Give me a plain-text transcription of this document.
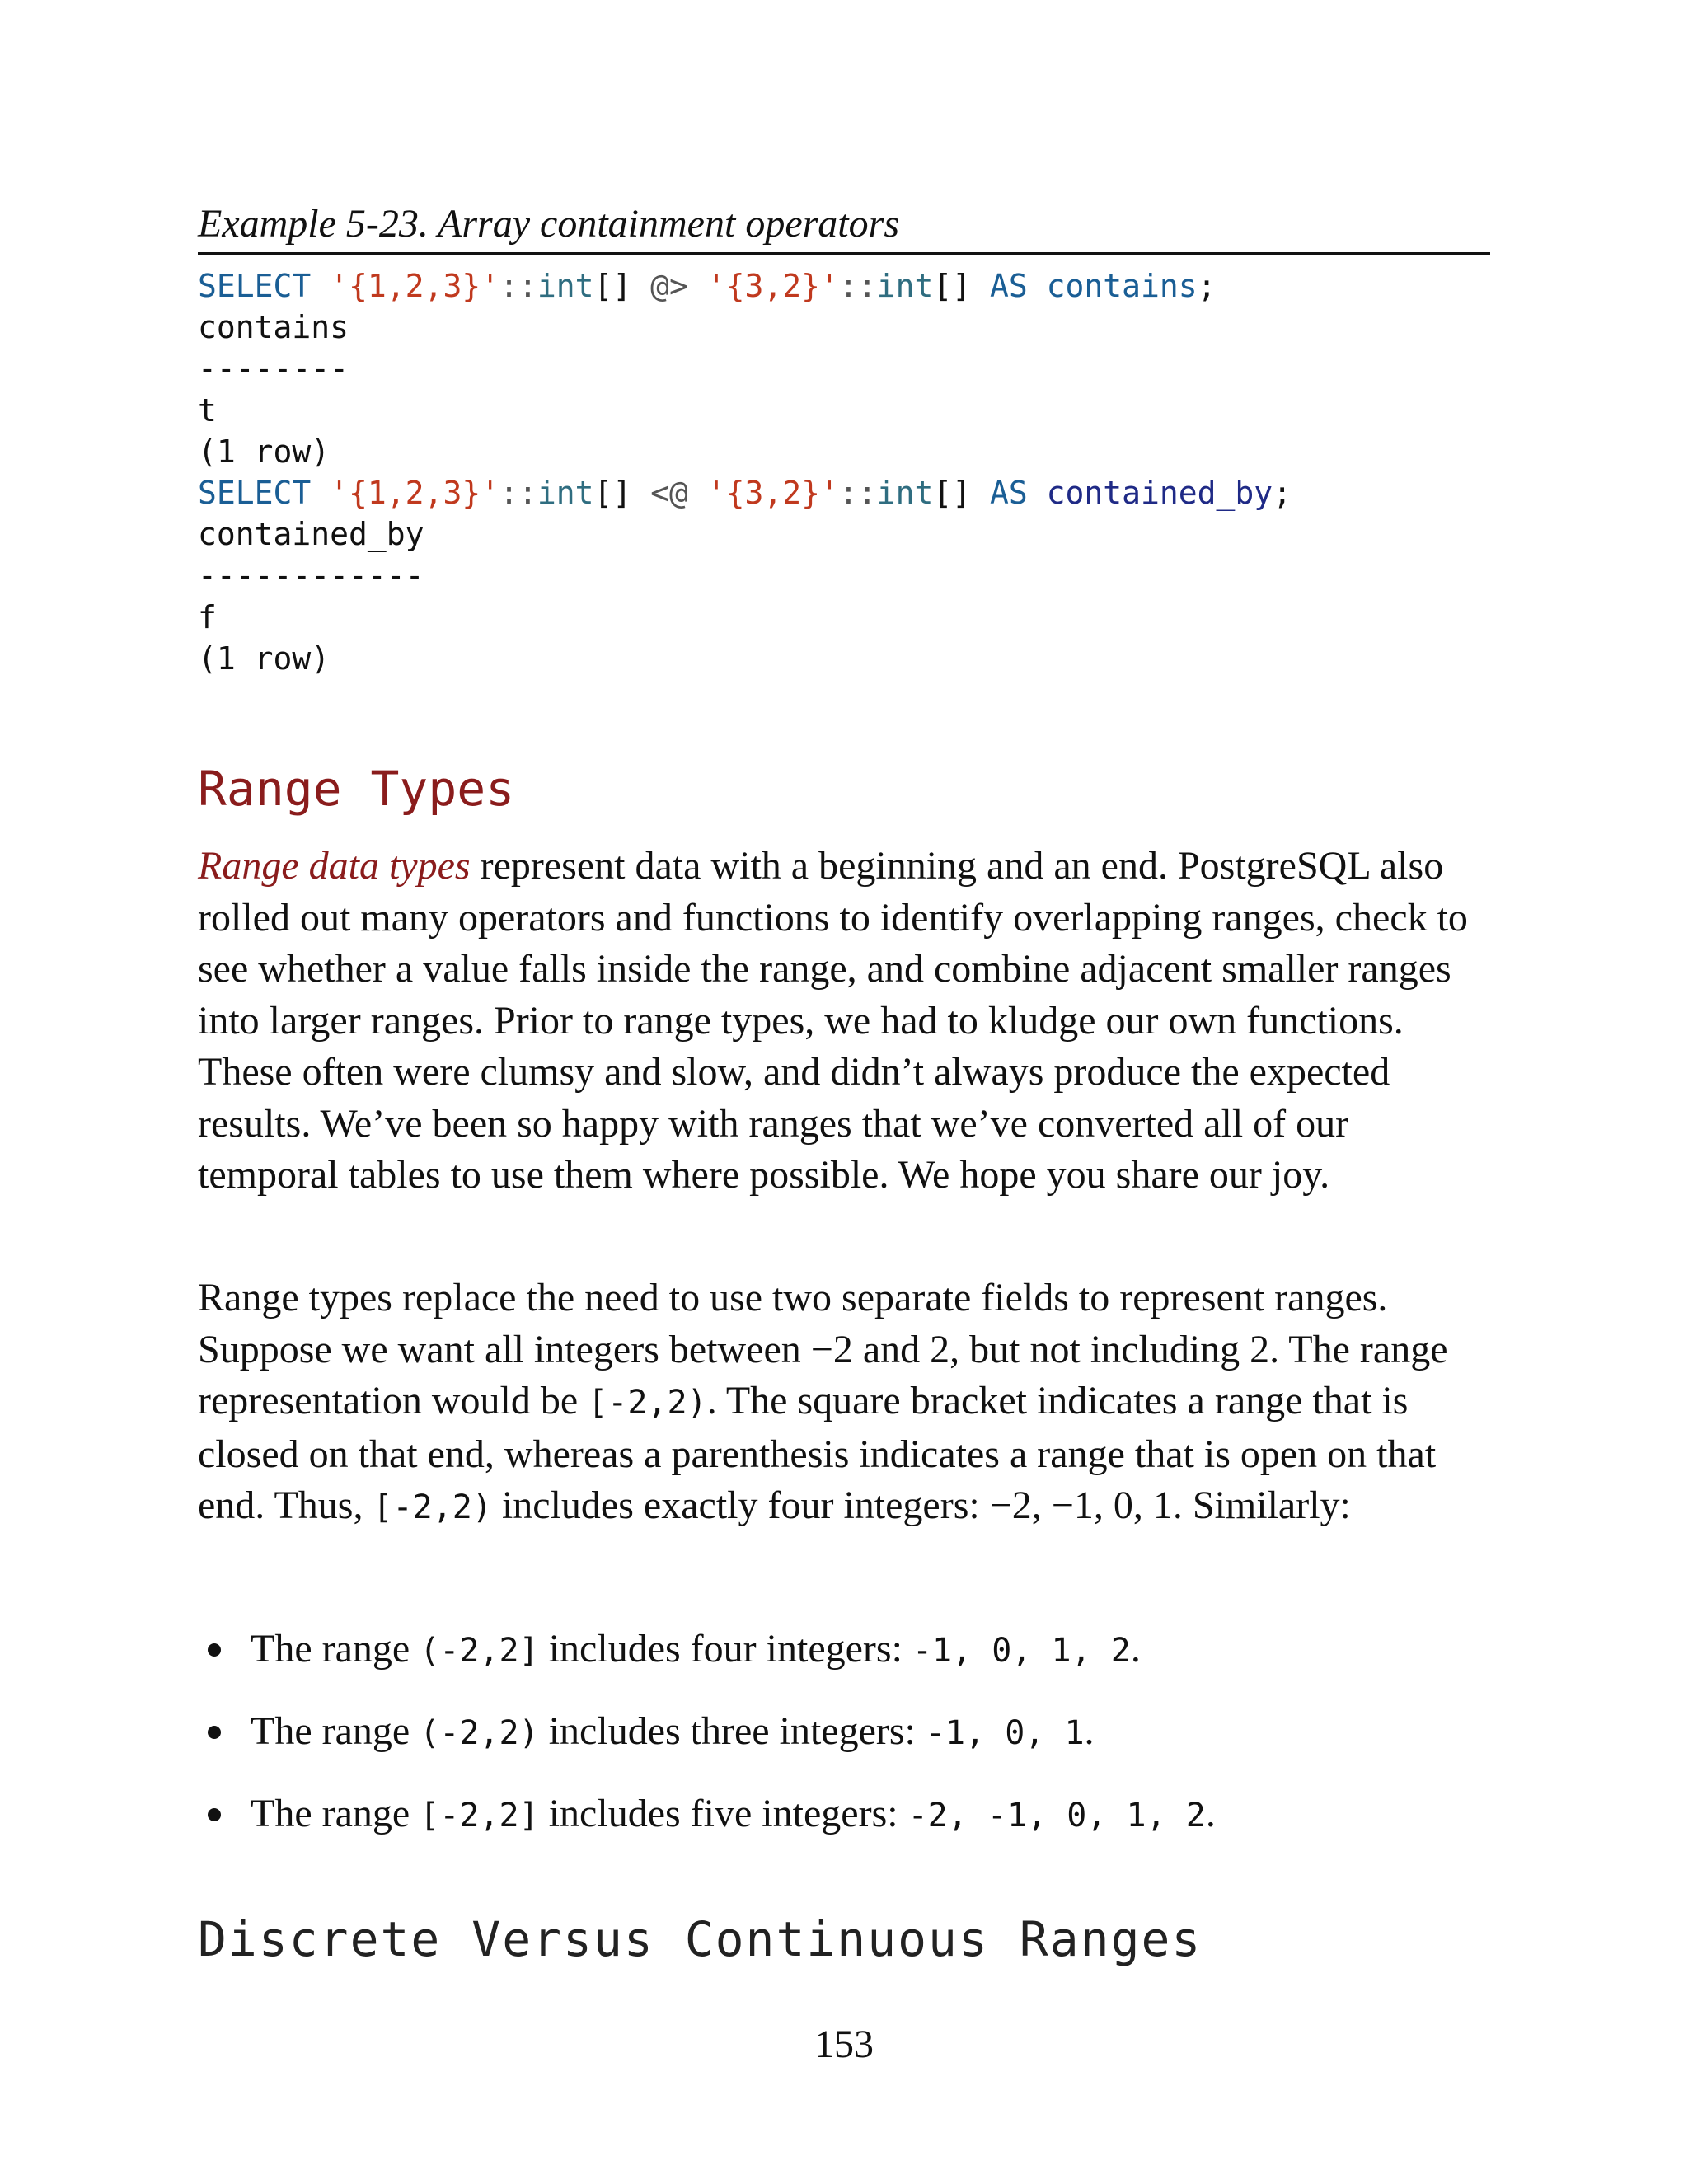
Example 5-23. Array containment operators
SELECT '{1,2,3}'::int[] @> '{3,2}'::int[] AS contains;
contains
--------
t
(1 row)
SELECT '{1,2,3}'::int[] <@ '{3,2}'::int[] AS contained_by;
contained_by
------------
f
(1 row)
Range Types

Range data types represent data with a beginning and an end. PostgreSQL also rolled out many operators and functions to identify overlapping ranges, check to see whether a value falls inside the range, and combine adjacent smaller ranges into larger ranges. Prior to range types, we had to kludge our own functions. These often were clumsy and slow, and didn’t always produce the expected results. We’ve been so happy with ranges that we’ve converted all of our temporal tables to use them where possible. We hope you share our joy.

Range types replace the need to use two separate fields to represent ranges. Suppose we want all integers between −2 and 2, but not including 2. The range representation would be [-2,2). The square bracket indicates a range that is closed on that end, whereas a parenthesis indicates a range that is open on that end. Thus, [-2,2) includes exactly four integers: −2, −1, 0, 1. Similarly:

The range (-2,2] includes four integers: -1, 0, 1, 2.
The range (-2,2) includes three integers: -1, 0, 1.
The range [-2,2] includes five integers: -2, -1, 0, 1, 2.
Discrete Versus Continuous Ranges
153
